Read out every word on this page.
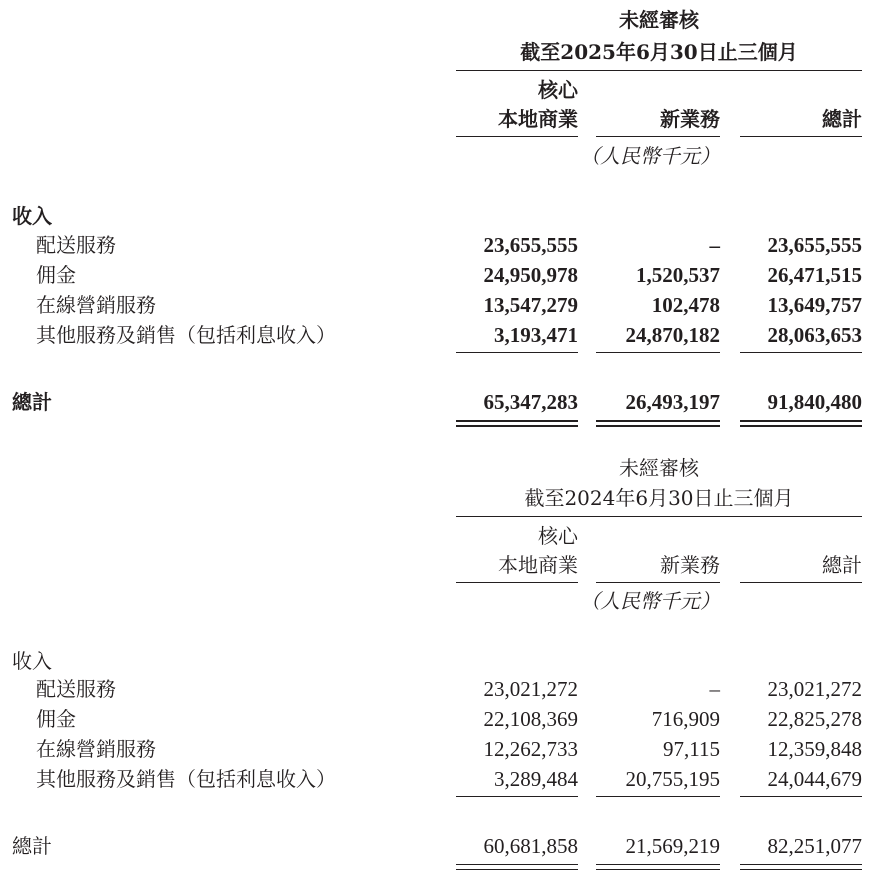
未經審核
截至2025年6月30日止三個月
核心
本地商業	新業務	總計
（人民幣千元）
收入
配送服務	23,655,555	–	23,655,555
佣金	24,950,978	1,520,537	26,471,515
在線營銷服務	13,547,279	102,478	13,649,757
其他服務及銷售（包括利息收入）	3,193,471	24,870,182	28,063,653
總計	65,347,283	26,493,197	91,840,480
未經審核
截至2024年6月30日止三個月
核心
本地商業	新業務	總計
（人民幣千元）
收入
配送服務	23,021,272	–	23,021,272
佣金	22,108,369	716,909	22,825,278
在線營銷服務	12,262,733	97,115	12,359,848
其他服務及銷售（包括利息收入）	3,289,484	20,755,195	24,044,679
總計	60,681,858	21,569,219	82,251,077
